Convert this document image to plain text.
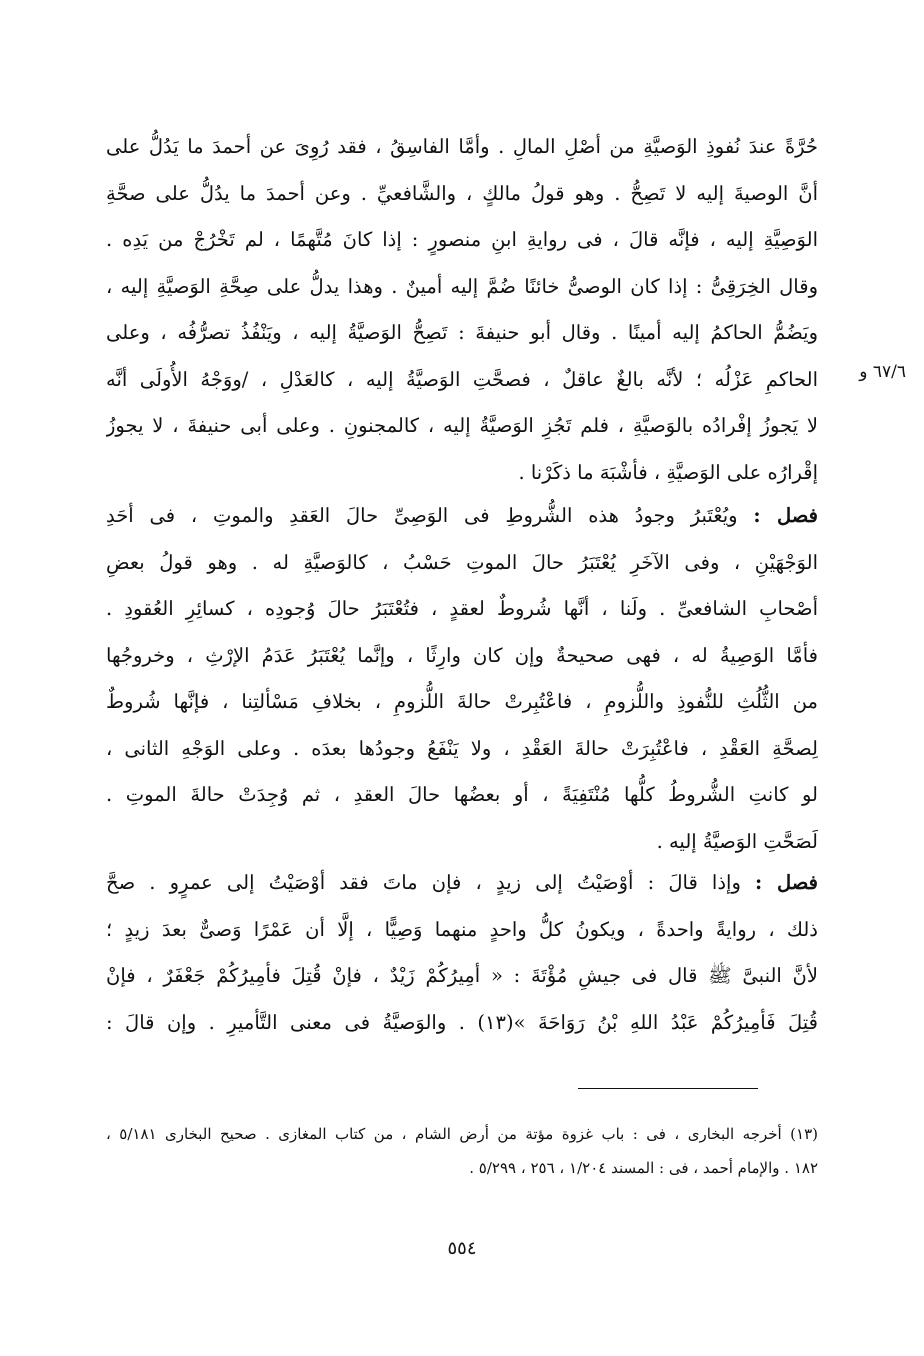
٦٧/٦ و
حُرَّةً عندَ نُفوذِ الوَصيَّةِ من أصْلِ المالِ . وأمَّا الفاسِقُ ، فقد رُوِىَ عن أحمدَ ما يَدُلُّ على
أنَّ الوصيةَ إليه لا تَصِحُّ . وهو قولُ مالكٍ ، والشَّافعيِّ . وعن أحمدَ ما يدُلُّ على صحَّةِ
الوَصِيَّةِ إليه ، فإنَّه قالَ ، فى روايةِ ابنِ منصورٍ : إذا كانَ مُتَّهمًا ، لم تَخْرُجْ من يَدِه .
وقال الخِرَقِىُّ : إذا كان الوصىُّ خائنًا ضُمَّ إليه أمينٌ . وهذا يدلُّ على صِحَّةِ الوَصيَّةِ إليه ،
ويَضُمُّ الحاكمُ إليه أمينًا . وقال أبو حنيفةَ : تَصِحُّ الوَصيَّةُ إليه ، ويَنْفُذُ تصرُّفُه ، وعلى
الحاكمِ عَزْلُه ؛ لأنَّه بالغٌ عاقلٌ ، فصحَّتِ الوَصيَّةُ إليه ، كالعَدْلِ ، /ووَجْهُ الأُولَى أنَّه
لا يَجوزُ إفْرادُه بالوَصيَّةِ ، فلم تَجُزِ الوَصيَّةُ إليه ، كالمجنونِ . وعلى أبى حنيفةَ ، لا يجوزُ
إقْرارُه على الوَصيَّةِ ، فأشْبَهَ ما ذكَرْنا .
فصل : ويُعْتَبرُ وجودُ هذه الشُّروطِ فى الوَصِىِّ حالَ العَقدِ والموتِ ، فى أحَدِ
الوَجْهَيْنِ ، وفى الآخَرِ يُعْتَبَرُ حالَ الموتِ حَسْبُ ، كالوَصيَّةِ له . وهو قولُ بعضِ
أصْحابِ الشافعىِّ . ولَنا ، أنَّها شُروطٌ لعقدٍ ، فتُعْتَبَرُ حالَ وُجودِه ، كسائِرِ العُقودِ .
فأمَّا الوَصِيةُ له ، فهى صحيحةٌ وإن كان وارِثًا ، وإنَّما يُعْتَبَرُ عَدَمُ الإرْثِ ، وخروجُها
من الثُّلُثِ للنُّفوذِ واللُّزومِ ، فاعْتُبِرتْ حالةَ اللُّزومِ ، بخلافِ مَسْألتِنا ، فإنَّها شُروطٌ
لِصحَّةِ العَقْدِ ، فاعْتُبِرَتْ حالةَ العَقْدِ ، ولا يَنْفَعُ وجودُها بعدَه . وعلى الوَجْهِ الثانى ،
لو كانتِ الشُّروطُ كلُّها مُنْتَفِيَةً ، أو بعضُها حالَ العقدِ ، ثم وُجِدَتْ حالةَ الموتِ .
لَصَحَّتِ الوَصيَّةُ إليه .
فصل : وإذا قالَ : أوْصَيْتُ إلى زيدٍ ، فإن ماتَ فقد أوْصَيْتُ إلى عمرٍو . صحَّ
ذلك ، روايةً واحدةً ، ويكونُ كلُّ واحدٍ منهما وَصِيًّا ، إلَّا أن عَمْرًا وَصىٌّ بعدَ زيدٍ ؛
لأنَّ النبىَّ ﷺ قال فى جيشِ مُؤْتَةَ : « أمِيرُكُمْ زَيْدٌ ، فإنْ قُتِلَ فأمِيرُكُمْ جَعْفَرٌ ، فإنْ
قُتِلَ فَأمِيرُكُمْ عَبْدُ اللهِ بْنُ رَوَاحَةَ »(١٣) . والوَصيَّةُ فى معنى التَّأميرِ . وإن قالَ :
(١٣) أخرجه البخارى ، فى : باب غزوة مؤتة من أرض الشام ، من كتاب المغازى . صحيح البخارى ٥/١٨١ ،
١٨٢ . والإمام أحمد ، فى : المسند ١/٢٠٤ ، ٢٥٦ ، ٥/٢٩٩ .
٥٥٤
